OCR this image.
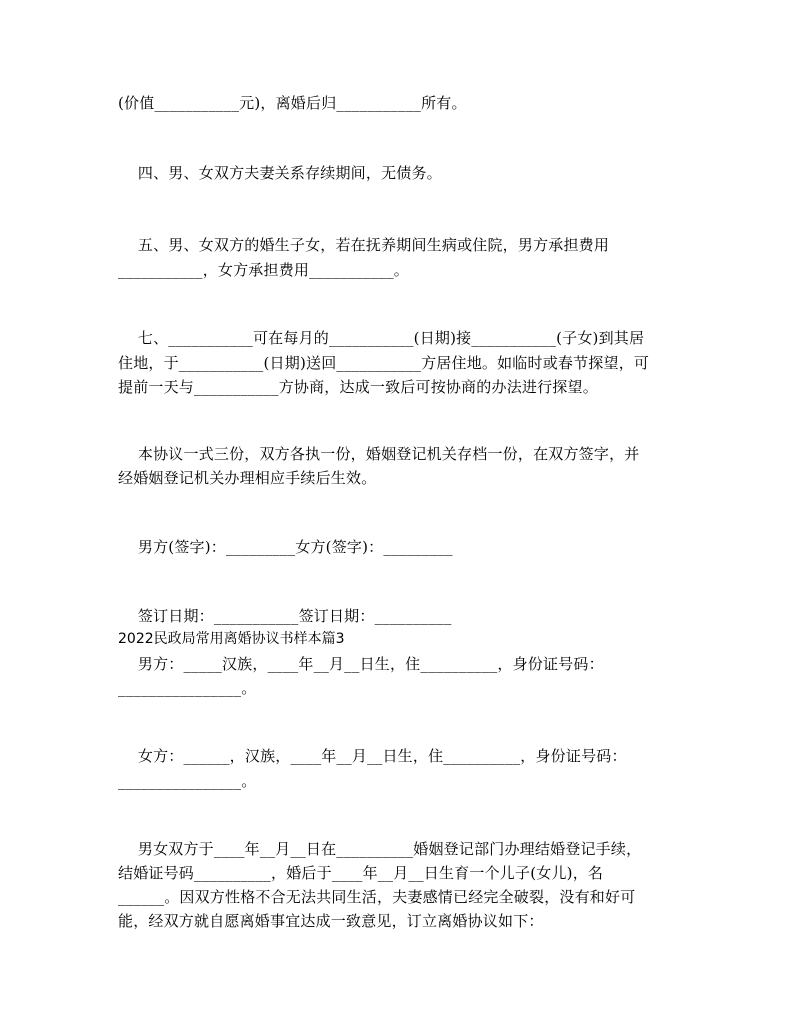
(价值___________元)，离婚后归___________所有。
四、男、女双方夫妻关系存续期间，无债务。
五、男、女双方的婚生子女，若在抚养期间生病或住院，男方承担费用
___________，女方承担费用___________。
七、___________可在每月的___________(日期)接___________(子女)到其居
住地，于___________(日期)送回___________方居住地。如临时或春节探望，可
提前一天与___________方协商，达成一致后可按协商的办法进行探望。
本协议一式三份，双方各执一份，婚姻登记机关存档一份，在双方签字，并
经婚姻登记机关办理相应手续后生效。
男方(签字)：_________女方(签字)：_________
签订日期：___________签订日期：__________
2022民政局常用离婚协议书样本篇3
男方：_____汉族，____年__月__日生，住__________，身份证号码：
________________。
女方：______，汉族，____年__月__日生，住__________，身份证号码：
________________。
男女双方于____年__月__日在__________婚姻登记部门办理结婚登记手续，
结婚证号码__________，婚后于____年__月__日生育一个儿子(女儿)，名
______。因双方性格不合无法共同生活，夫妻感情已经完全破裂，没有和好可
能，经双方就自愿离婚事宜达成一致意见，订立离婚协议如下：
